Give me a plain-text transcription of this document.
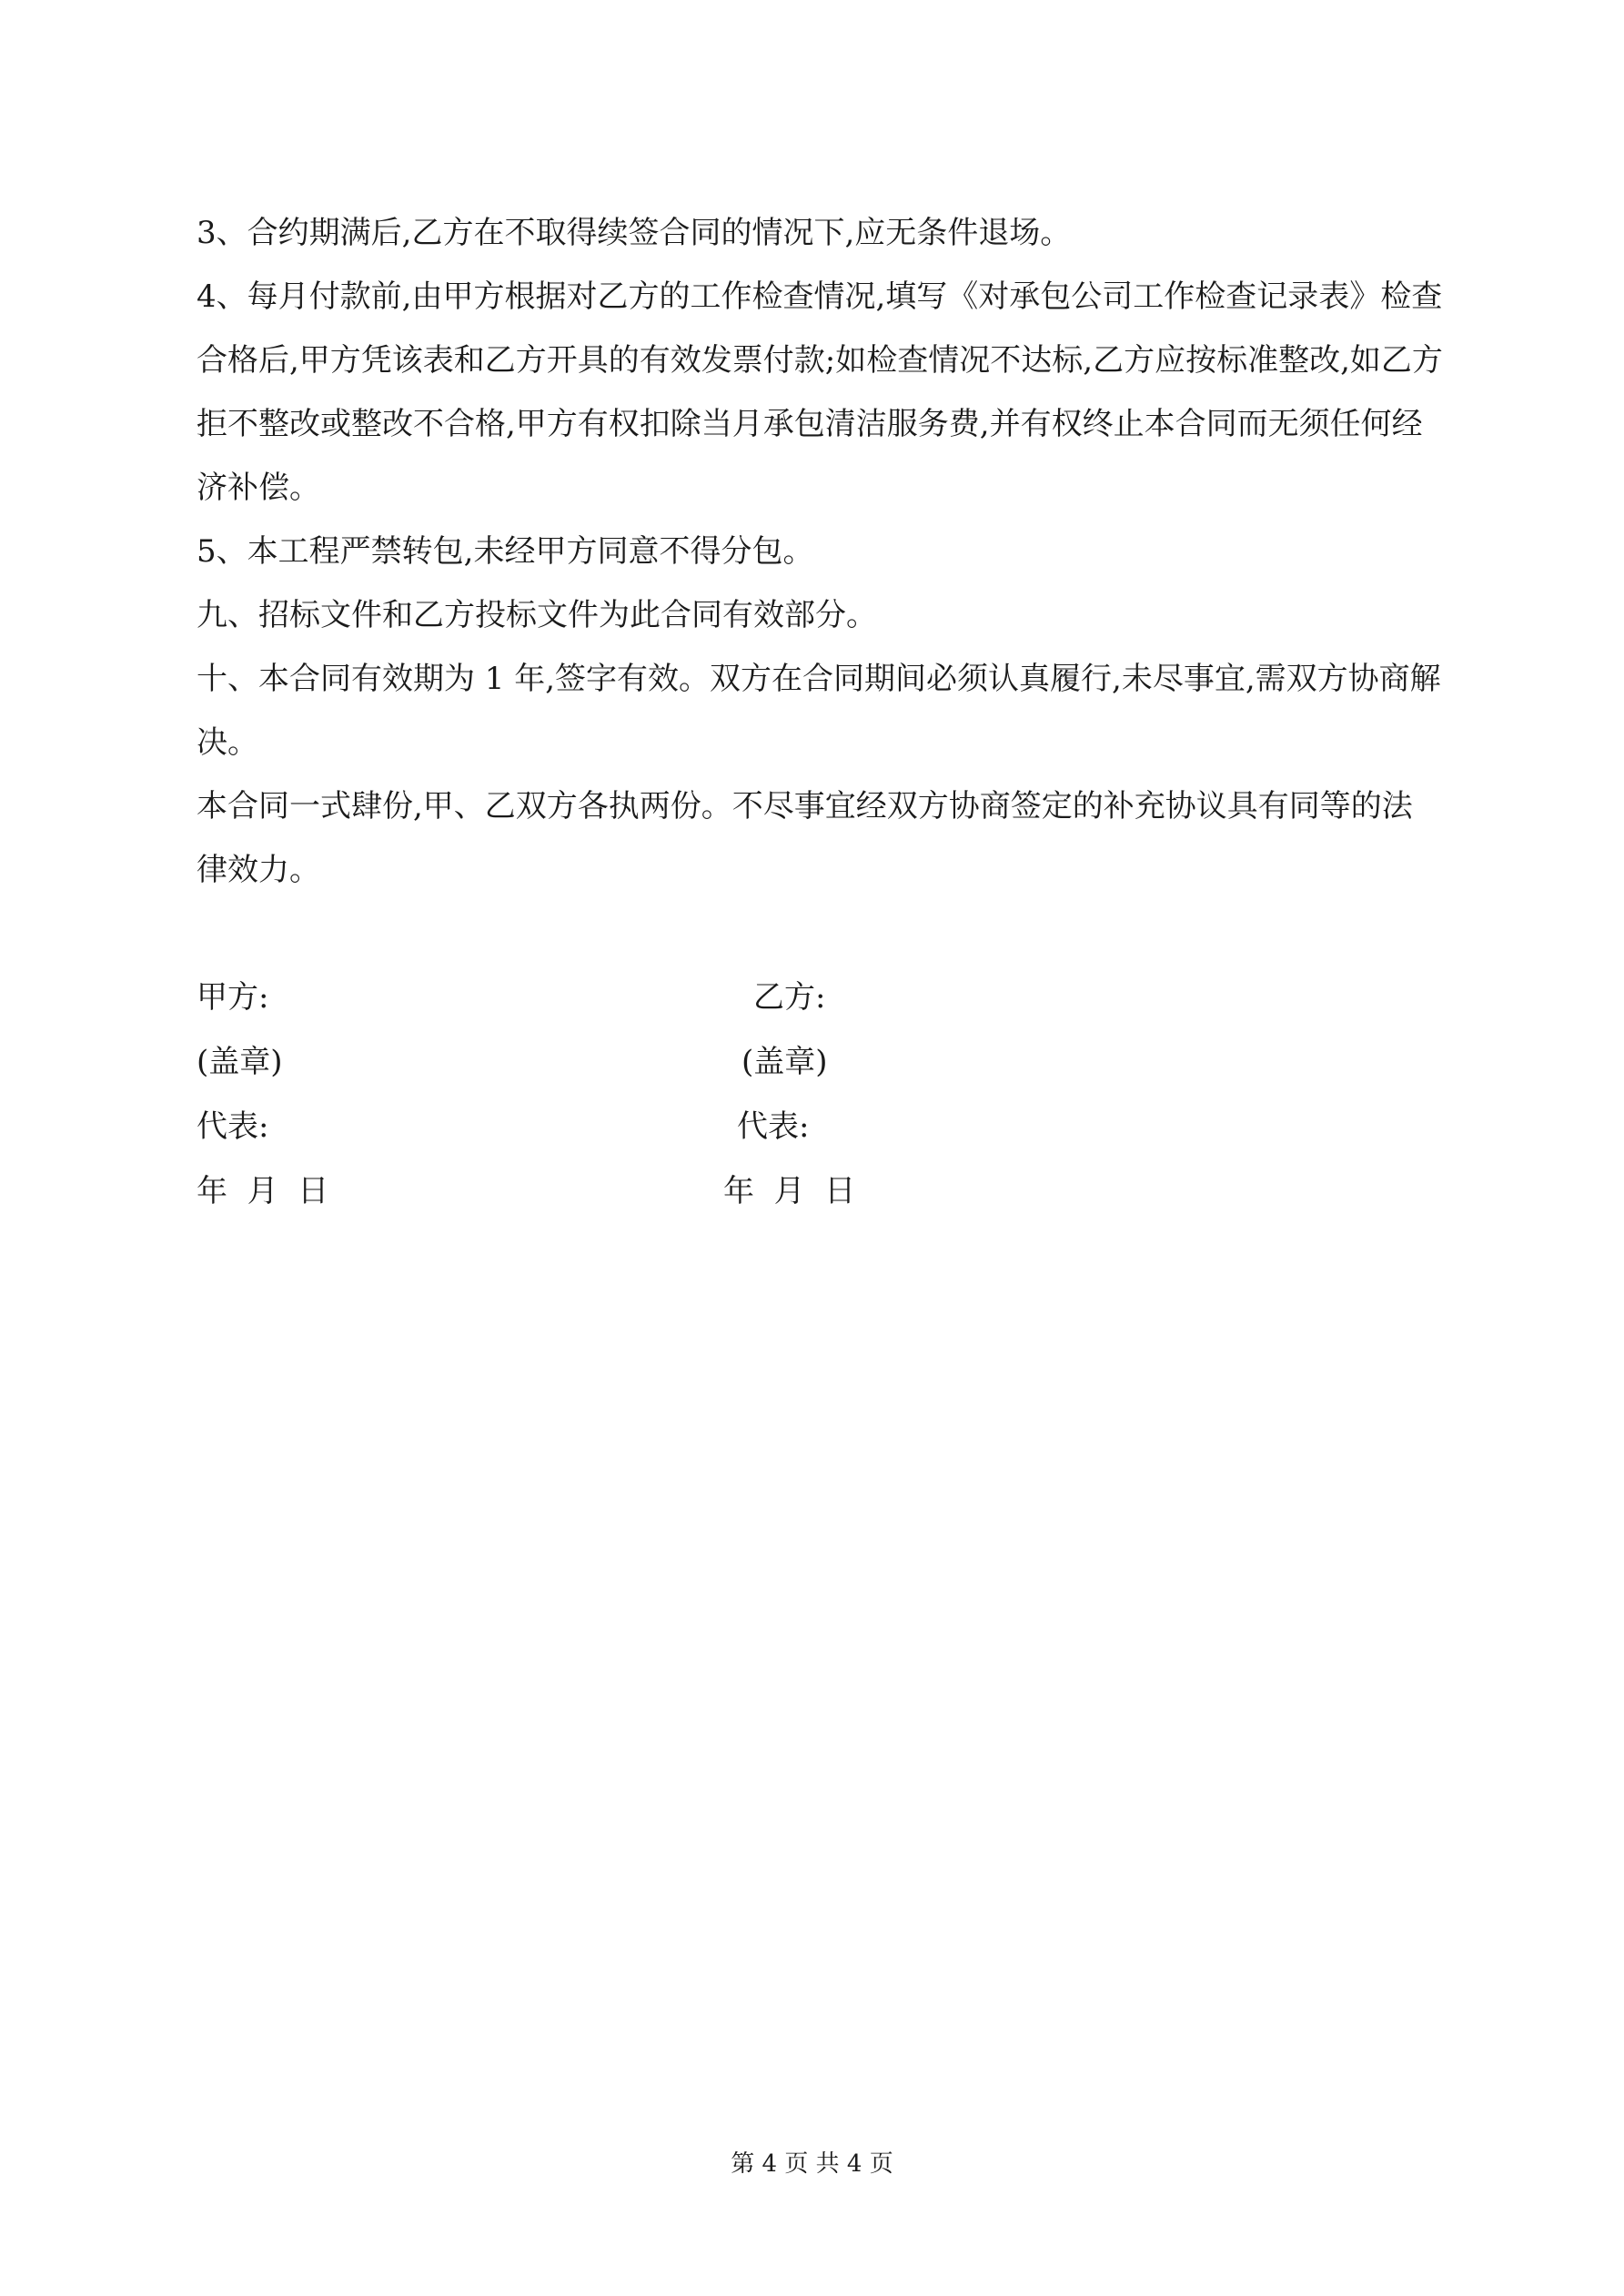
3、合约期满后,乙方在不取得续签合同的情况下,应无条件退场。

4、每月付款前,由甲方根据对乙方的工作检查情况,填写《对承包公司工作检查记录表》检查合格后,甲方凭该表和乙方开具的有效发票付款;如检查情况不达标,乙方应按标准整改,如乙方拒不整改或整改不合格,甲方有权扣除当月承包清洁服务费,并有权终止本合同而无须任何经济补偿。

5、本工程严禁转包,未经甲方同意不得分包。

九、招标文件和乙方投标文件为此合同有效部分。

十、本合同有效期为 1 年,签字有效。双方在合同期间必须认真履行,未尽事宜,需双方协商解决。

本合同一式肆份,甲、乙双方各执两份。不尽事宜经双方协商签定的补充协议具有同等的法律效力。

甲方:	乙方:
(盖章)	(盖章)
代表:	代表:
年  月  日	年  月  日
第 4 页 共 4 页
